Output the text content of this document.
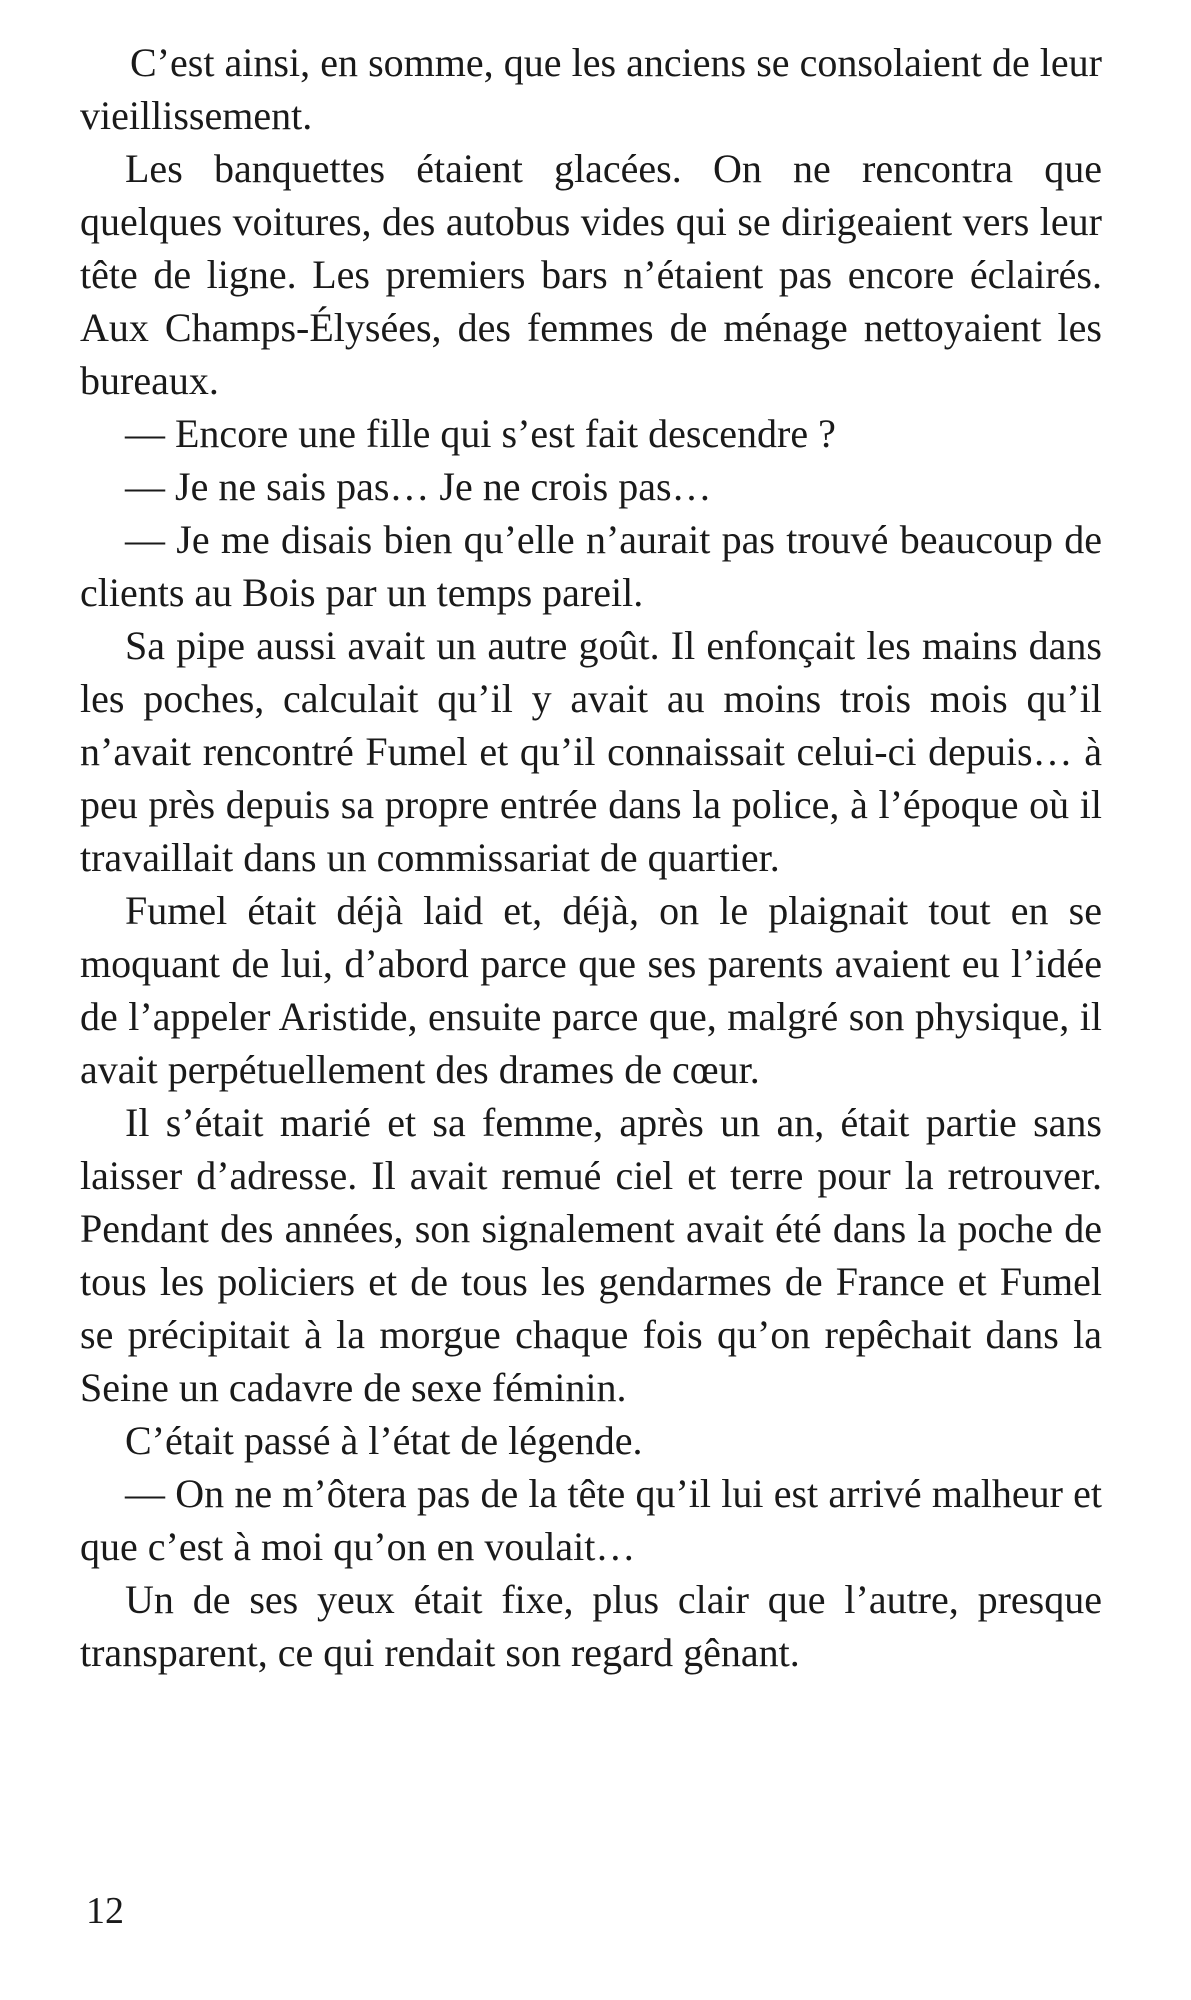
C’est ainsi, en somme, que les anciens se consolaient de leur vieillissement.

Les banquettes étaient glacées. On ne rencontra que quelques voitures, des autobus vides qui se dirigeaient vers leur tête de ligne. Les premiers bars n’étaient pas encore éclairés. Aux Champs-Élysées, des femmes de ménage nettoyaient les bureaux.

— Encore une fille qui s’est fait descendre ?

— Je ne sais pas… Je ne crois pas…

— Je me disais bien qu’elle n’aurait pas trouvé beaucoup de clients au Bois par un temps pareil.

Sa pipe aussi avait un autre goût. Il enfonçait les mains dans les poches, calculait qu’il y avait au moins trois mois qu’il n’avait rencontré Fumel et qu’il connaissait celui-ci depuis… à peu près depuis sa propre entrée dans la police, à l’époque où il travaillait dans un commissariat de quartier.

Fumel était déjà laid et, déjà, on le plaignait tout en se moquant de lui, d’abord parce que ses parents avaient eu l’idée de l’appeler Aristide, ensuite parce que, malgré son physique, il avait perpétuellement des drames de cœur.

Il s’était marié et sa femme, après un an, était partie sans laisser d’adresse. Il avait remué ciel et terre pour la retrouver. Pendant des années, son signalement avait été dans la poche de tous les policiers et de tous les gendarmes de France et Fumel se précipitait à la morgue chaque fois qu’on repêchait dans la Seine un cadavre de sexe féminin.

C’était passé à l’état de légende.

— On ne m’ôtera pas de la tête qu’il lui est arrivé malheur et que c’est à moi qu’on en voulait…

Un de ses yeux était fixe, plus clair que l’autre, presque transparent, ce qui rendait son regard gênant.

12
